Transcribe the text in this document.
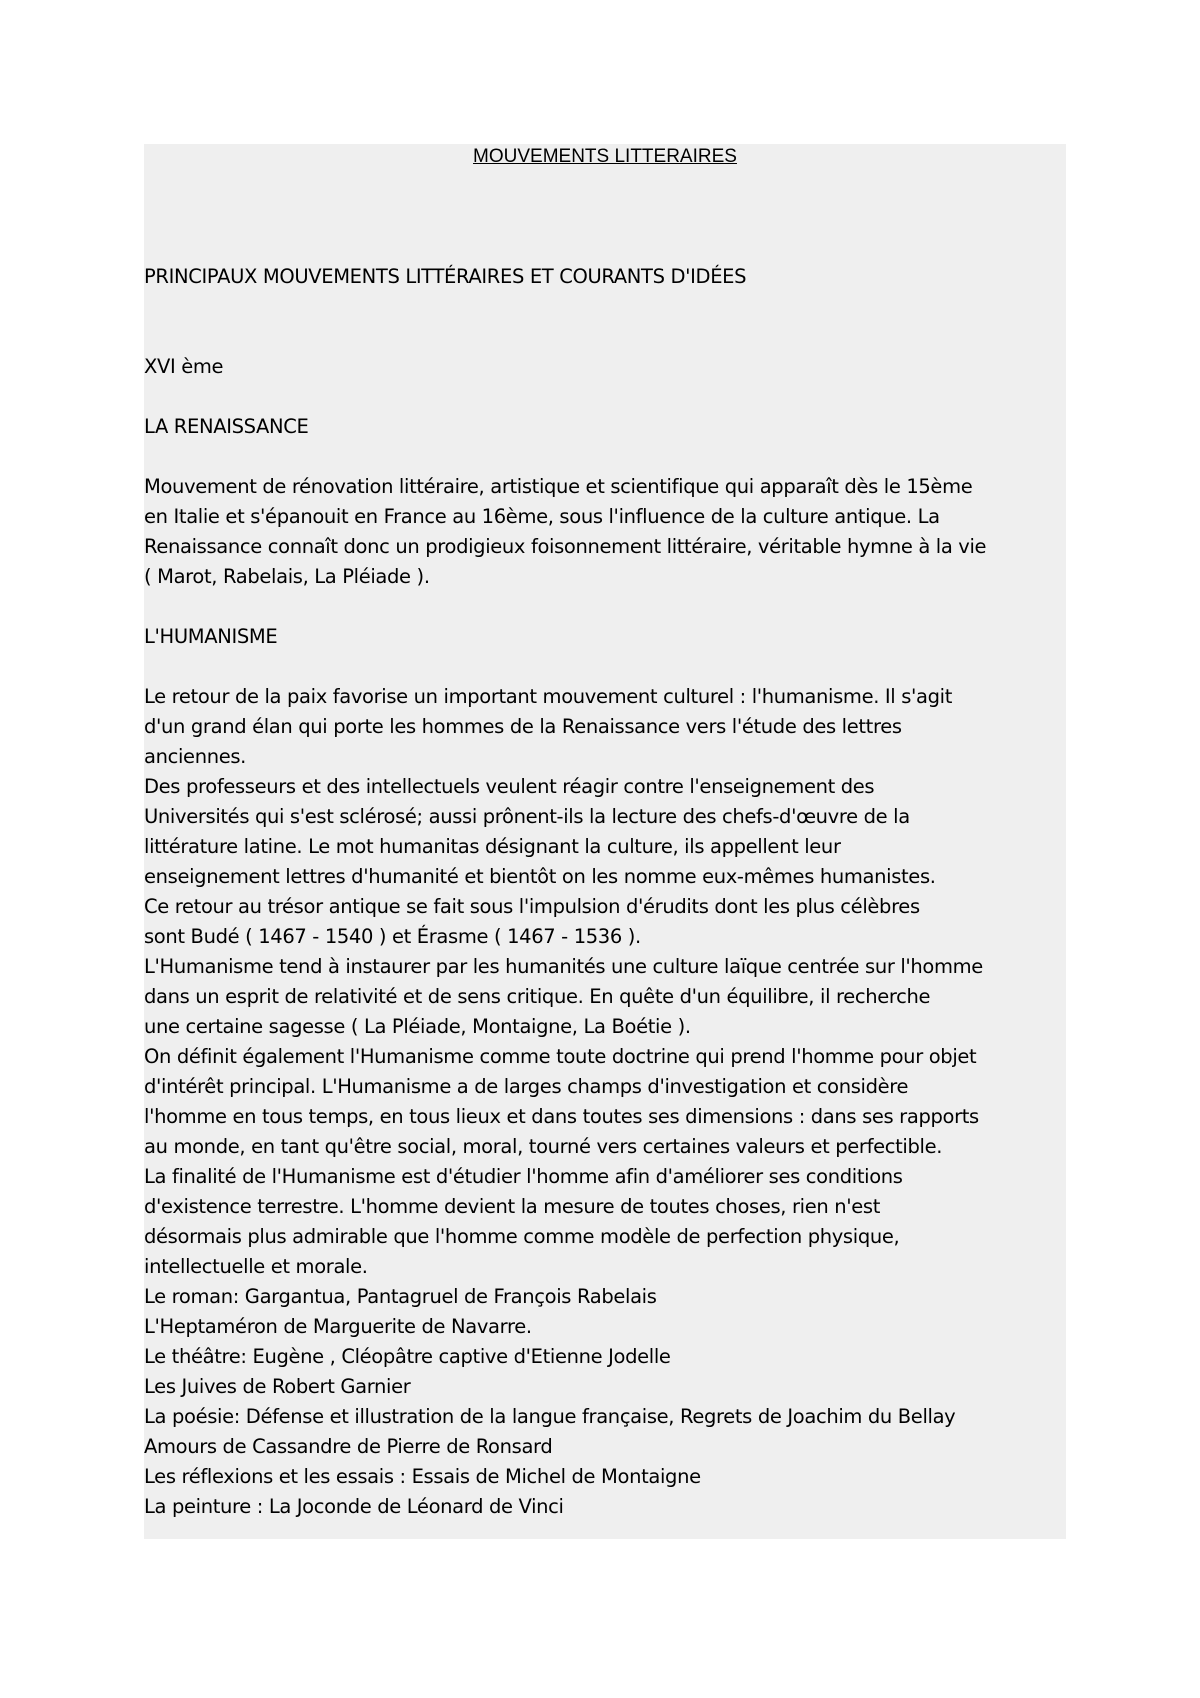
MOUVEMENTS LITTERAIRES

PRINCIPAUX MOUVEMENTS LITTÉRAIRES ET COURANTS D'IDÉES

XVI ème

LA RENAISSANCE

Mouvement de rénovation littéraire, artistique et scientifique qui apparaît dès le 15ème

en Italie et s'épanouit en France au 16ème, sous l'influence de la culture antique. La

Renaissance connaît donc un prodigieux foisonnement littéraire, véritable hymne à la vie

( Marot, Rabelais, La Pléiade ).

L'HUMANISME

Le retour de la paix favorise un important mouvement culturel : l'humanisme. Il s'agit

d'un grand élan qui porte les hommes de la Renaissance vers l'étude des lettres

anciennes.

Des professeurs et des intellectuels veulent réagir contre l'enseignement des

Universités qui s'est sclérosé; aussi prônent-ils la lecture des chefs-d'œuvre de la

littérature latine. Le mot humanitas désignant la culture, ils appellent leur

enseignement lettres d'humanité et bientôt on les nomme eux-mêmes humanistes.

Ce retour au trésor antique se fait sous l'impulsion d'érudits dont les plus célèbres

sont Budé ( 1467 - 1540 ) et Érasme ( 1467 - 1536 ).

L'Humanisme tend à instaurer par les humanités une culture laïque centrée sur l'homme

dans un esprit de relativité et de sens critique. En quête d'un équilibre, il recherche

une certaine sagesse ( La Pléiade, Montaigne, La Boétie ).

On définit également l'Humanisme comme toute doctrine qui prend l'homme pour objet

d'intérêt principal. L'Humanisme a de larges champs d'investigation et considère

l'homme en tous temps, en tous lieux et dans toutes ses dimensions : dans ses rapports

au monde, en tant qu'être social, moral, tourné vers certaines valeurs et perfectible.

La finalité de l'Humanisme est d'étudier l'homme afin d'améliorer ses conditions

d'existence terrestre. L'homme devient la mesure de toutes choses, rien n'est

désormais plus admirable que l'homme comme modèle de perfection physique,

intellectuelle et morale.

Le roman: Gargantua, Pantagruel de François Rabelais

L'Heptaméron de Marguerite de Navarre.

Le théâtre: Eugène , Cléopâtre captive d'Etienne Jodelle

Les Juives de Robert Garnier

La poésie: Défense et illustration de la langue française, Regrets de Joachim du Bellay

Amours de Cassandre de Pierre de Ronsard

Les réflexions et les essais : Essais de Michel de Montaigne

La peinture : La Joconde de Léonard de Vinci
